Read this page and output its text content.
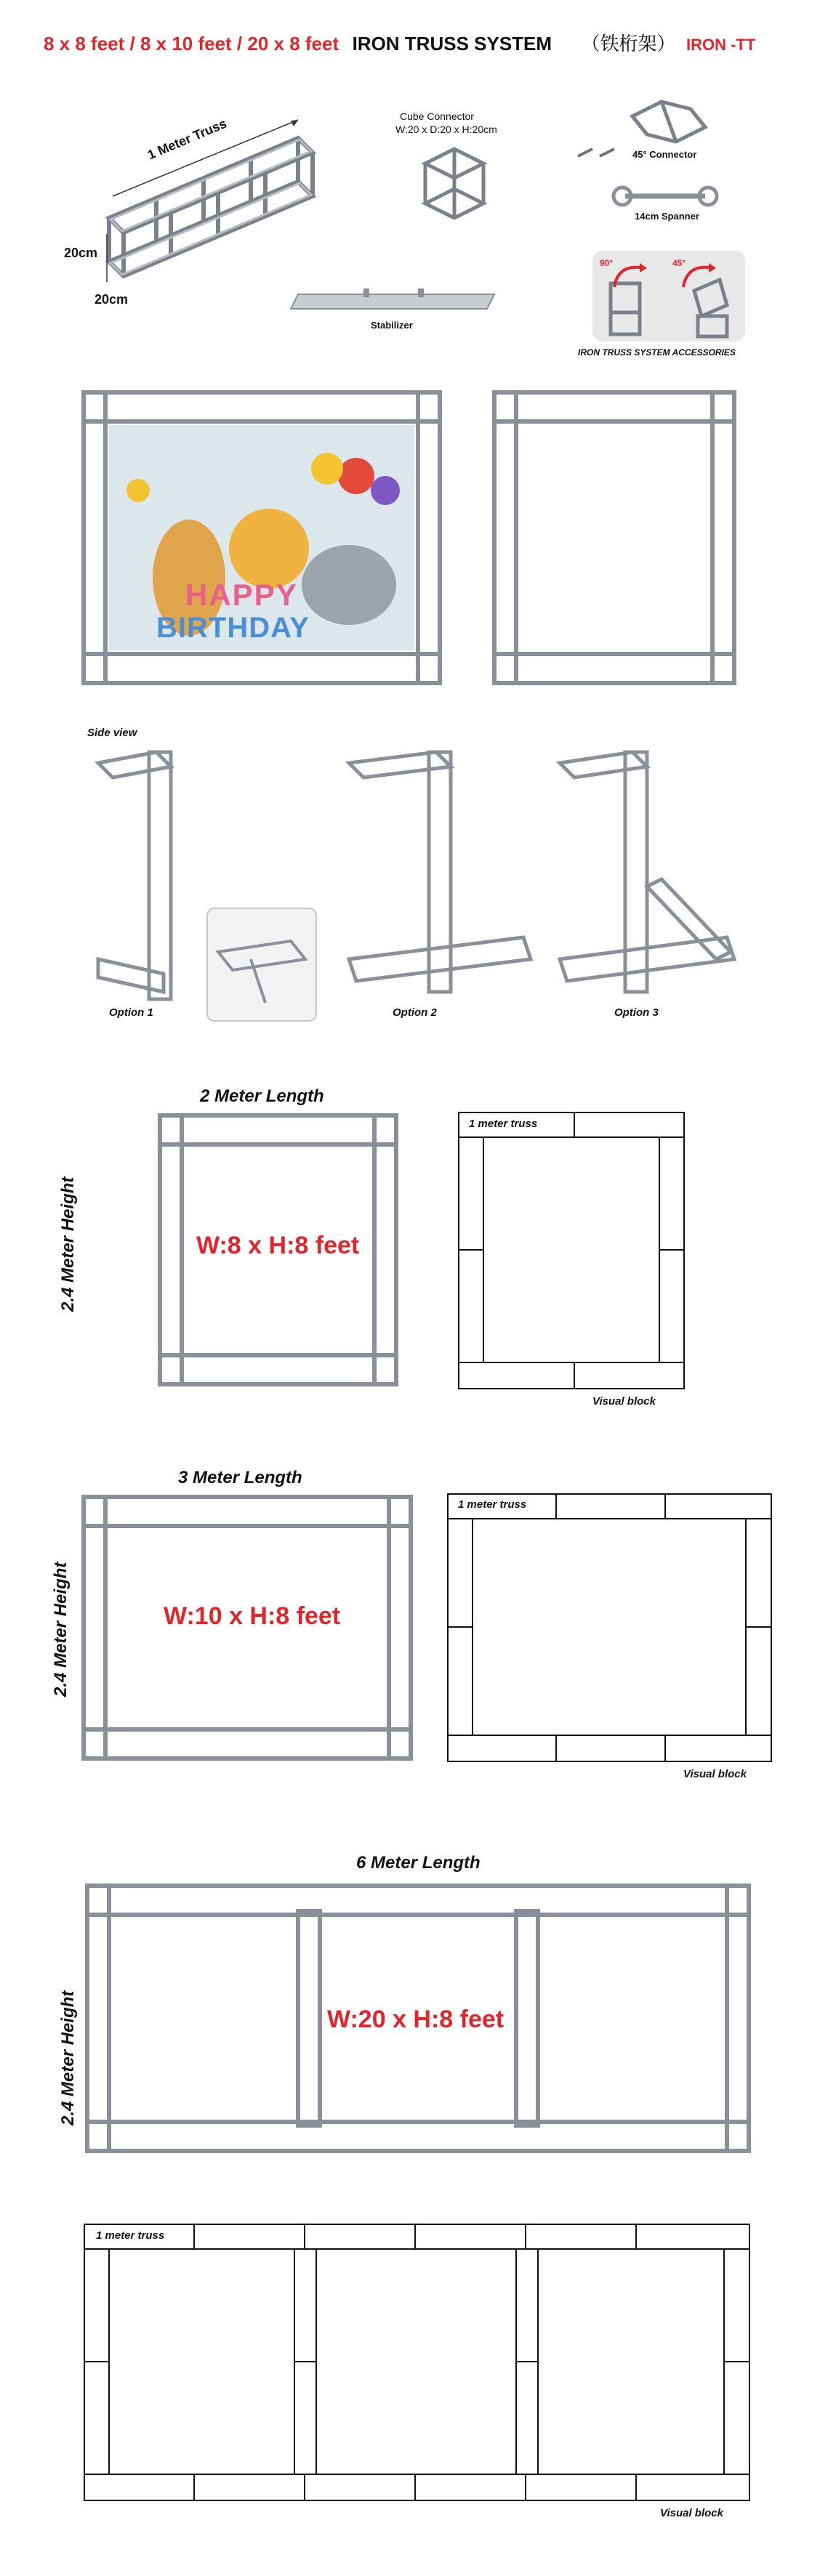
8 x 8 feet / 8 x 10 feet / 20 x 8 feet IRON TRUSS SYSTEM （铁桁架） IRON -TT
1 Meter Truss
20cm
20cm
Cube Connector
W:20 x D:20 x H:20cm
Stabilizer
45° Connector
14cm Spanner
90°	45°
IRON TRUSS SYSTEM ACCESSORIES
HAPPY
BIRTHDAY
Side view
Option 1	Option 2	Option 3
2 Meter Length
2.4 Meter Height	W:8 x H:8 feet
1 meter truss
Visual block
3 Meter Length
2.4 Meter Height	W:10 x H:8 feet
1 meter truss
Visual block
6 Meter Length
2.4 Meter Height	W:20 x H:8 feet
1 meter truss
Visual block
